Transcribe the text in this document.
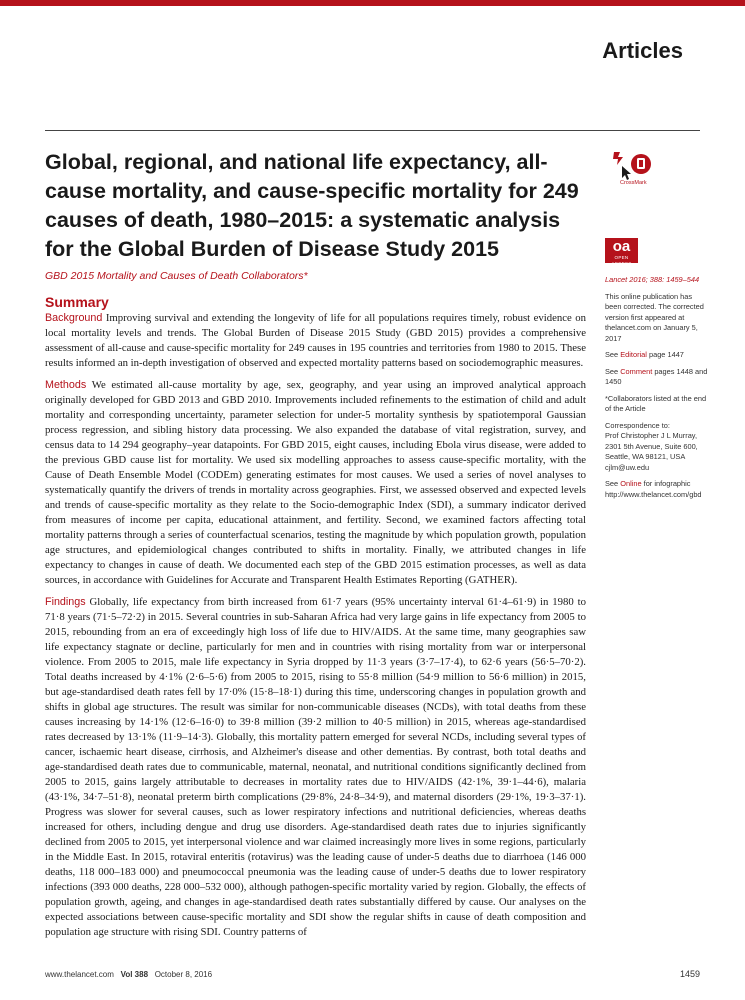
Articles
Global, regional, and national life expectancy, all-cause mortality, and cause-specific mortality for 249 causes of death, 1980–2015: a systematic analysis for the Global Burden of Disease Study 2015
CrossMark
GBD 2015 Mortality and Causes of Death Collaborators*
oa
OPEN ACCESS
Summary

Background Improving survival and extending the longevity of life for all populations requires timely, robust evidence on local mortality levels and trends. The Global Burden of Disease 2015 Study (GBD 2015) provides a comprehensive assessment of all-cause and cause-specific mortality for 249 causes in 195 countries and territories from 1980 to 2015. These results informed an in-depth investigation of observed and expected mortality patterns based on sociodemographic measures.

Methods We estimated all-cause mortality by age, sex, geography, and year using an improved analytical approach originally developed for GBD 2013 and GBD 2010. Improvements included refinements to the estimation of child and adult mortality and corresponding uncertainty, parameter selection for under-5 mortality synthesis by spatiotemporal Gaussian process regression, and sibling history data processing. We also expanded the database of vital registration, survey, and census data to 14 294 geography–year datapoints. For GBD 2015, eight causes, including Ebola virus disease, were added to the previous GBD cause list for mortality. We used six modelling approaches to assess cause-specific mortality, with the Cause of Death Ensemble Model (CODEm) generating estimates for most causes. We used a series of novel analyses to systematically quantify the drivers of trends in mortality across geographies. First, we assessed observed and expected levels and trends of cause-specific mortality as they relate to the Socio-demographic Index (SDI), a summary indicator derived from measures of income per capita, educational attainment, and fertility. Second, we examined factors affecting total mortality patterns through a series of counterfactual scenarios, testing the magnitude by which population growth, population age structures, and epidemiological changes contributed to shifts in mortality. Finally, we attributed changes in life expectancy to changes in cause of death. We documented each step of the GBD 2015 estimation processes, as well as data sources, in accordance with Guidelines for Accurate and Transparent Health Estimates Reporting (GATHER).

Findings Globally, life expectancy from birth increased from 61·7 years (95% uncertainty interval 61·4–61·9) in 1980 to 71·8 years (71·5–72·2) in 2015. Several countries in sub-Saharan Africa had very large gains in life expectancy from 2005 to 2015, rebounding from an era of exceedingly high loss of life due to HIV/AIDS. At the same time, many geographies saw life expectancy stagnate or decline, particularly for men and in countries with rising mortality from war or interpersonal violence. From 2005 to 2015, male life expectancy in Syria dropped by 11·3 years (3·7–17·4), to 62·6 years (56·5–70·2). Total deaths increased by 4·1% (2·6–5·6) from 2005 to 2015, rising to 55·8 million (54·9 million to 56·6 million) in 2015, but age-standardised death rates fell by 17·0% (15·8–18·1) during this time, underscoring changes in population growth and shifts in global age structures. The result was similar for non-communicable diseases (NCDs), with total deaths from these causes increasing by 14·1% (12·6–16·0) to 39·8 million (39·2 million to 40·5 million) in 2015, whereas age-standardised rates decreased by 13·1% (11·9–14·3). Globally, this mortality pattern emerged for several NCDs, including several types of cancer, ischaemic heart disease, cirrhosis, and Alzheimer's disease and other dementias. By contrast, both total deaths and age-standardised death rates due to communicable, maternal, neonatal, and nutritional conditions significantly declined from 2005 to 2015, gains largely attributable to decreases in mortality rates due to HIV/AIDS (42·1%, 39·1–44·6), malaria (43·1%, 34·7–51·8), neonatal preterm birth complications (29·8%, 24·8–34·9), and maternal disorders (29·1%, 19·3–37·1). Progress was slower for several causes, such as lower respiratory infections and nutritional deficiencies, whereas deaths increased for others, including dengue and drug use disorders. Age-standardised death rates due to injuries significantly declined from 2005 to 2015, yet interpersonal violence and war claimed increasingly more lives in some regions, particularly in the Middle East. In 2015, rotaviral enteritis (rotavirus) was the leading cause of under-5 deaths due to diarrhoea (146 000 deaths, 118 000–183 000) and pneumococcal pneumonia was the leading cause of under-5 deaths due to lower respiratory infections (393 000 deaths, 228 000–532 000), although pathogen-specific mortality varied by region. Globally, the effects of population growth, ageing, and changes in age-standardised death rates substantially differed by cause. Our analyses on the expected associations between cause-specific mortality and SDI show the regular shifts in cause of death composition and population age structure with rising SDI. Country patterns of

Lancet 2016; 388: 1459–544

This online publication has been corrected. The corrected version first appeared at thelancet.com on January 5, 2017

See Editorial page 1447

See Comment pages 1448 and 1450

*Collaborators listed at the end of the Article

Correspondence to:
Prof Christopher J L Murray,
2301 5th Avenue, Suite 600,
Seattle, WA 98121, USA
cjlm@uw.edu

See Online for infographic
http://www.thelancet.com/gbd

www.thelancet.com Vol 388 October 8, 2016	1459
